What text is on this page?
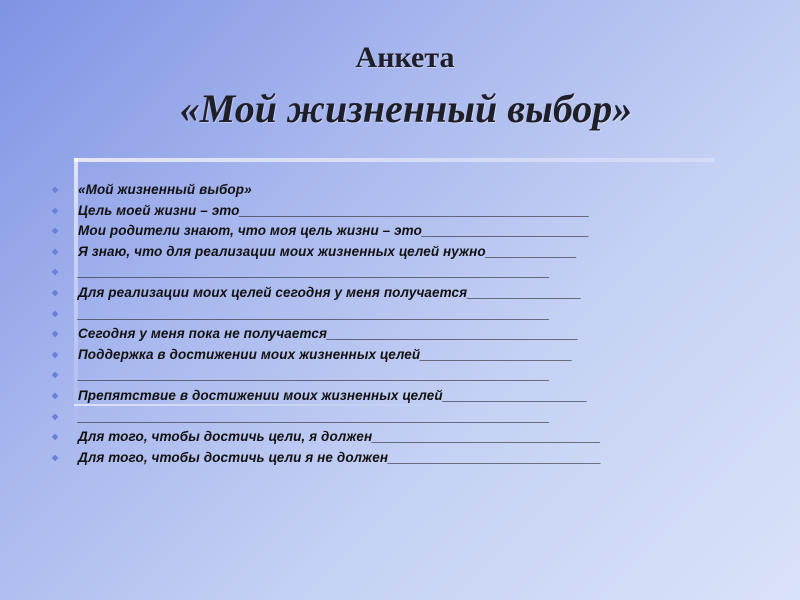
Анкета
«Мой жизненный выбор»
◆ «Мой жизненный выбор»
◆ Цель моей жизни – это______________________________________________
◆ Мои родители знают, что моя цель жизни – это______________________
◆ Я знаю, что для реализации моих жизненных целей нужно____________
◆ ______________________________________________________________
◆ Для реализации моих целей сегодня у меня получается_______________
◆ ______________________________________________________________
◆ Сегодня у меня пока не получается_________________________________
◆ Поддержка в достижении моих жизненных целей____________________
◆ ______________________________________________________________
◆ Препятствие в достижении моих жизненных целей___________________
◆ ______________________________________________________________
◆ Для того, чтобы достичь цели, я должен______________________________
◆ Для того, чтобы достичь цели я не должен____________________________
